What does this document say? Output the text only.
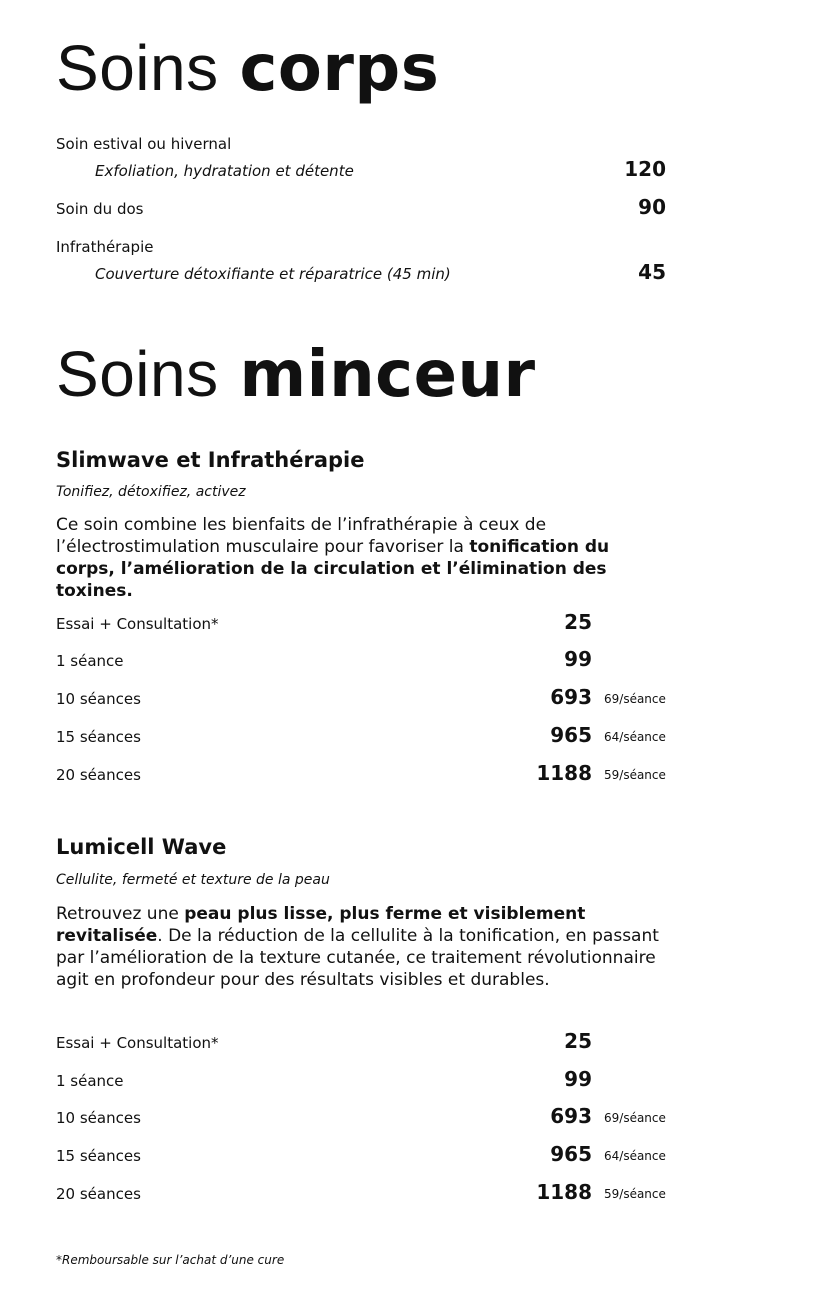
Soins corps
Soin estival ou hivernal
Exfoliation, hydratation et détente	120
Soin du dos	90
Infrathérapie
Couverture détoxifiante et réparatrice (45 min)	45
Soins minceur
Slimwave et Infrathérapie
Tonifiez, détoxifiez, activez
Ce soin combine les bienfaits de l’infrathérapie à ceux de l’électrostimulation musculaire pour favoriser la tonification du corps, l’amélioration de la circulation et l’élimination des toxines.
Essai + Consultation*	25
1 séance	99
10 séances	693 69/séance
15 séances	965 64/séance
20 séances	1188 59/séance
Lumicell Wave
Cellulite, fermeté et texture de la peau
Retrouvez une peau plus lisse, plus ferme et visiblement revitalisée. De la réduction de la cellulite à la tonification, en passant par l’amélioration de la texture cutanée, ce traitement révolutionnaire agit en profondeur pour des résultats visibles et durables.
Essai + Consultation*	25
1 séance	99
10 séances	693 69/séance
15 séances	965 64/séance
20 séances	1188 59/séance
*Remboursable sur l’achat d’une cure
